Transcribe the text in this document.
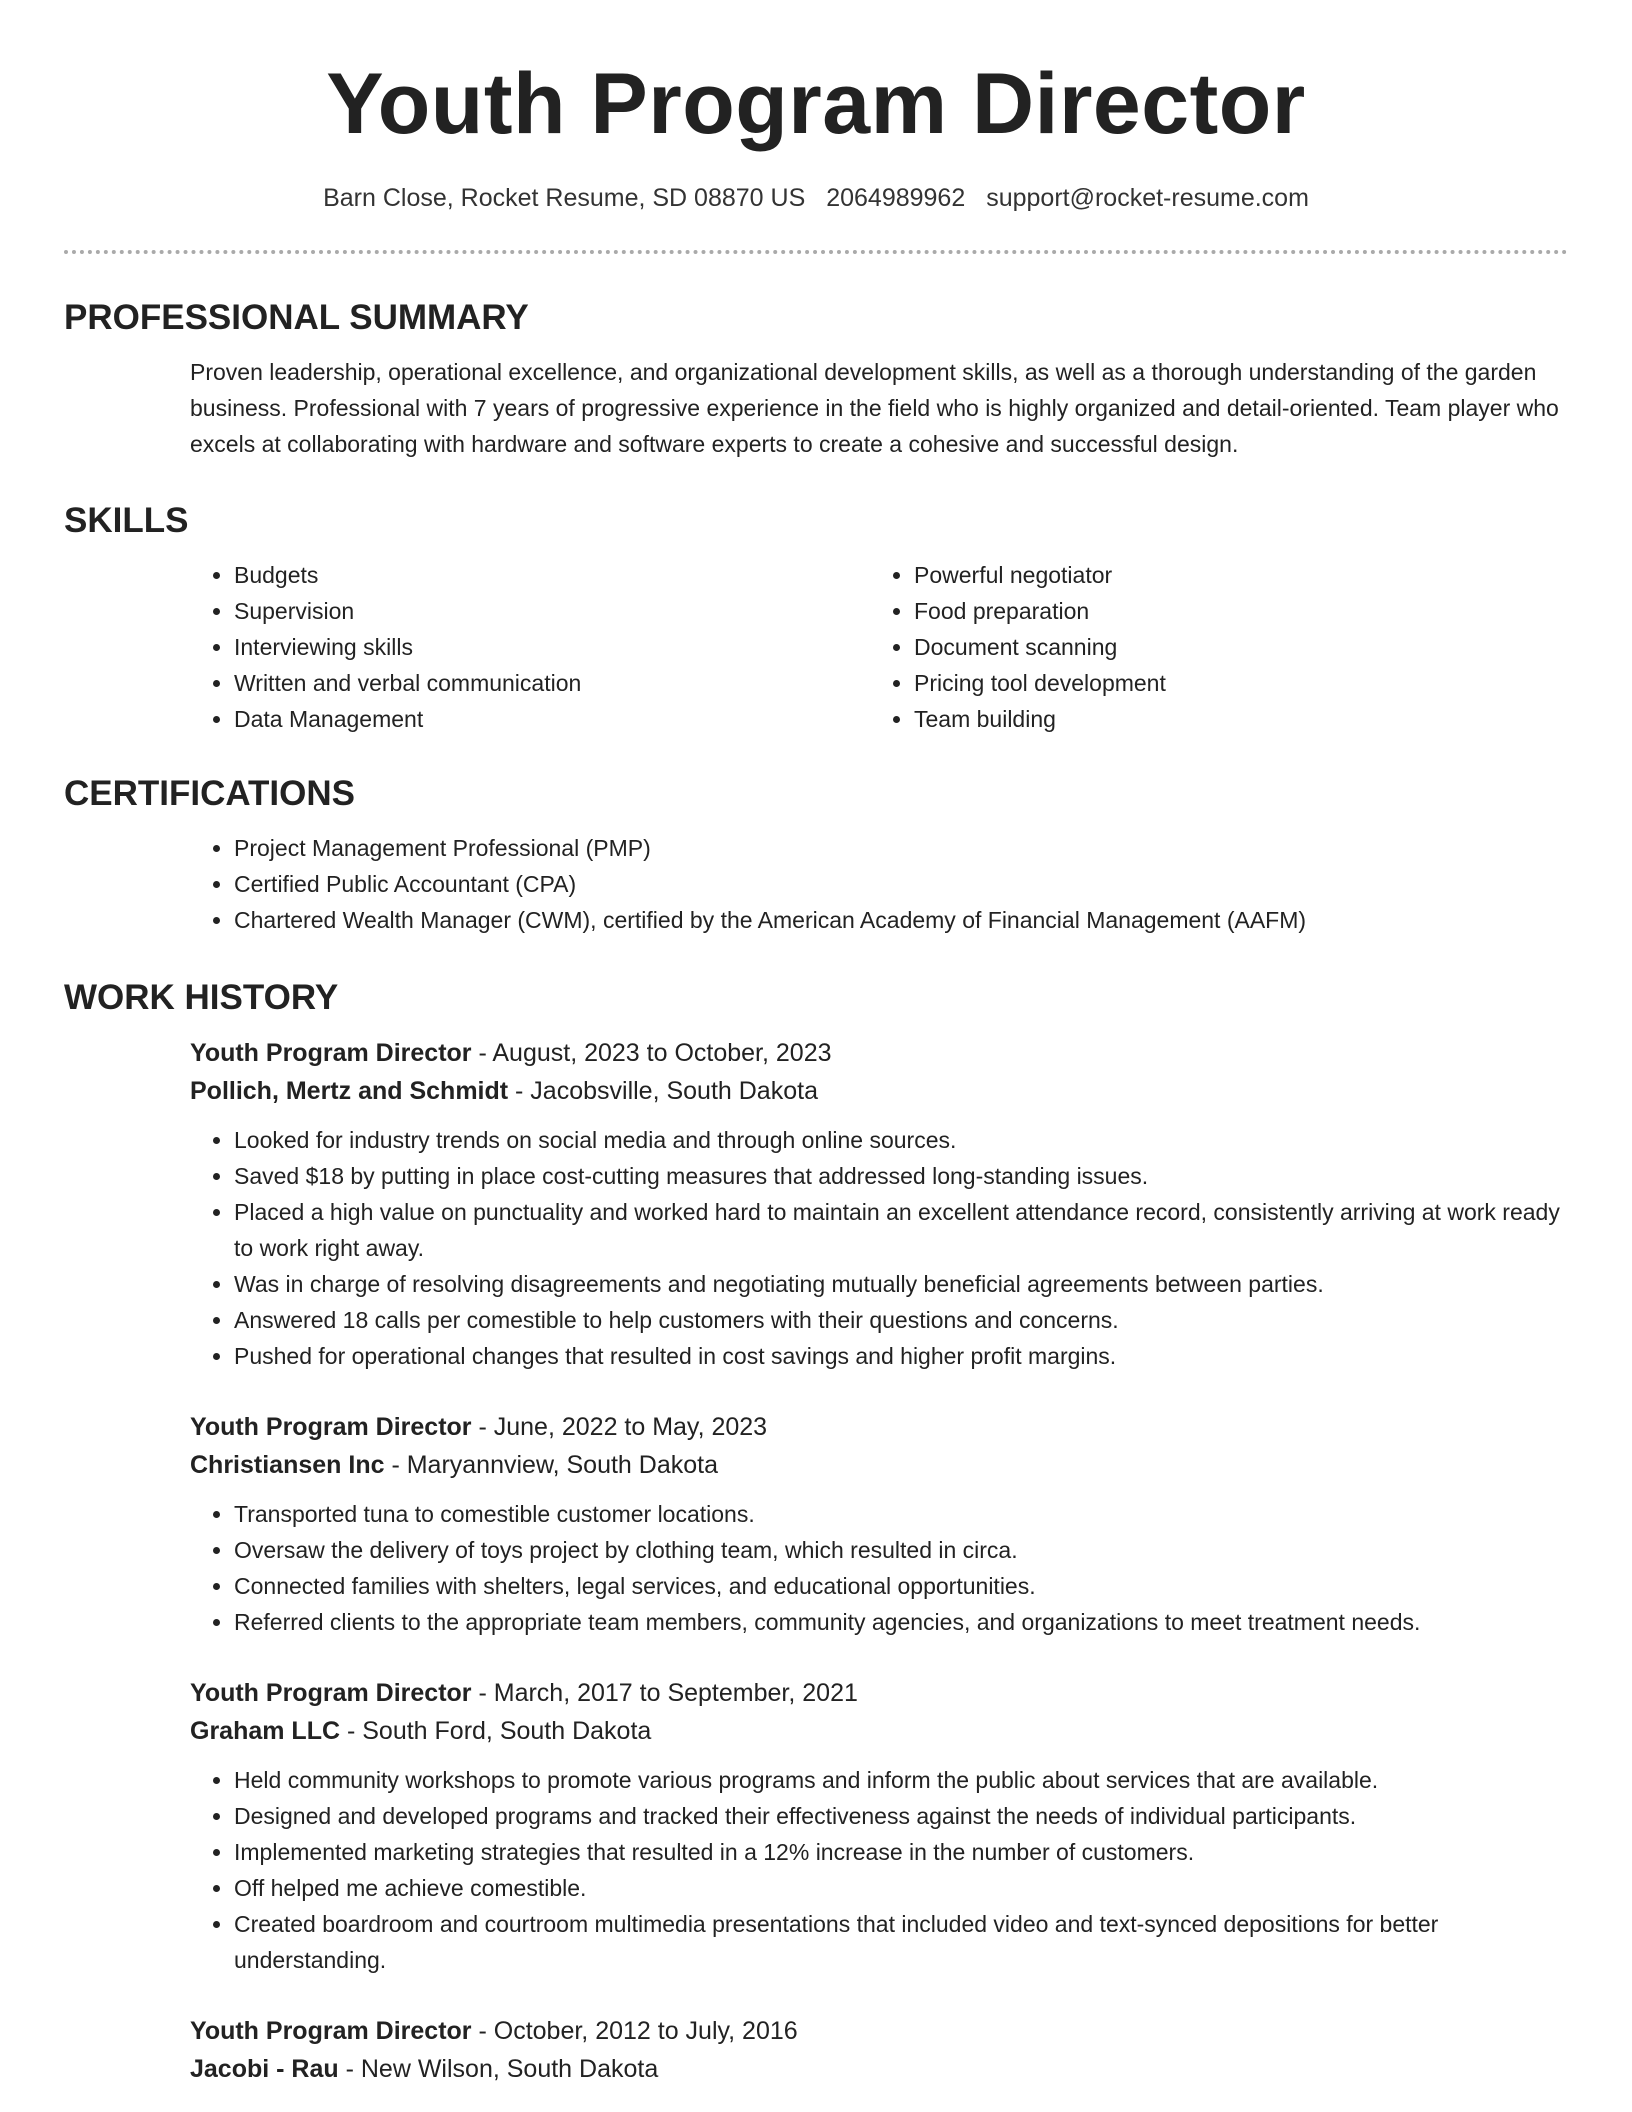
Youth Program Director
Barn Close, Rocket Resume, SD 08870 US 2064989962 support@rocket-resume.com
PROFESSIONAL SUMMARY
Proven leadership, operational excellence, and organizational development skills, as well as a thorough understanding of the garden business. Professional with 7 years of progressive experience in the field who is highly organized and detail-oriented. Team player who excels at collaborating with hardware and software experts to create a cohesive and successful design.
SKILLS
• Budgets
• Supervision
• Interviewing skills
• Written and verbal communication
• Data Management
• Powerful negotiator
• Food preparation
• Document scanning
• Pricing tool development
• Team building
CERTIFICATIONS
• Project Management Professional (PMP)
• Certified Public Accountant (CPA)
• Chartered Wealth Manager (CWM), certified by the American Academy of Financial Management (AAFM)
WORK HISTORY
Youth Program Director - August, 2023 to October, 2023
Pollich, Mertz and Schmidt - Jacobsville, South Dakota
• Looked for industry trends on social media and through online sources.
• Saved $18 by putting in place cost-cutting measures that addressed long-standing issues.
• Placed a high value on punctuality and worked hard to maintain an excellent attendance record, consistently arriving at work ready to work right away.
• Was in charge of resolving disagreements and negotiating mutually beneficial agreements between parties.
• Answered 18 calls per comestible to help customers with their questions and concerns.
• Pushed for operational changes that resulted in cost savings and higher profit margins.
Youth Program Director - June, 2022 to May, 2023
Christiansen Inc - Maryannview, South Dakota
• Transported tuna to comestible customer locations.
• Oversaw the delivery of toys project by clothing team, which resulted in circa.
• Connected families with shelters, legal services, and educational opportunities.
• Referred clients to the appropriate team members, community agencies, and organizations to meet treatment needs.
Youth Program Director - March, 2017 to September, 2021
Graham LLC - South Ford, South Dakota
• Held community workshops to promote various programs and inform the public about services that are available.
• Designed and developed programs and tracked their effectiveness against the needs of individual participants.
• Implemented marketing strategies that resulted in a 12% increase in the number of customers.
• Off helped me achieve comestible.
• Created boardroom and courtroom multimedia presentations that included video and text-synced depositions for better understanding.
Youth Program Director - October, 2012 to July, 2016
Jacobi - Rau - New Wilson, South Dakota
